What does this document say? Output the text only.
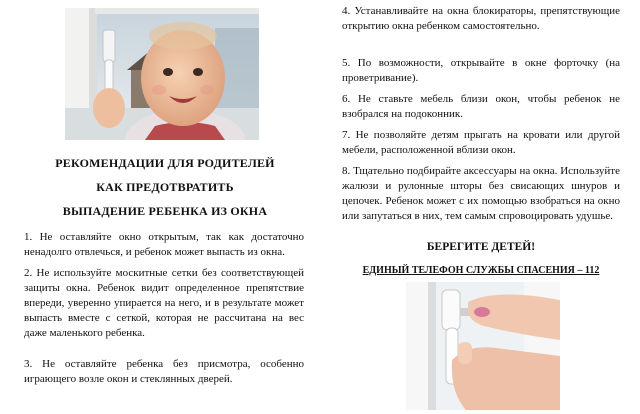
РЕКОМЕНДАЦИИ ДЛЯ РОДИТЕЛЕЙ

КАК ПРЕДОТВРАТИТЬ

ВЫПАДЕНИЕ РЕБЕНКА ИЗ ОКНА

1. Не оставляйте окно открытым, так как достаточно ненадолго отвлечься, и ребенок может выпасть из окна.

2. Не используйте москитные сетки без соответствующей защиты окна. Ребенок видит определенное препятствие впереди, уверенно упирается на него, и в результате может выпасть вместе с сеткой, которая не рассчитана на вес даже маленького ребенка.

3. Не оставляйте ребенка без присмотра, особенно играющего возле окон и стеклянных дверей.

4. Устанавливайте на окна блокираторы, препятствующие открытию окна ребенком самостоятельно.

5. По возможности, открывайте в окне форточку (на проветривание).

6. Не ставьте мебель близи окон, чтобы ребенок не взобрался на подоконник.

7. Не позволяйте детям прыгать на кровати или другой мебели, расположенной вблизи окон.

8. Тщательно подбирайте аксессуары на окна. Используйте жалюзи и рулонные шторы без свисающих шнуров и цепочек. Ребенок может с их помощью взобраться на окно или запутаться в них, тем самым спровоцировать удушье.

БЕРЕГИТЕ ДЕТЕЙ!

ЕДИНЫЙ ТЕЛЕФОН СЛУЖБЫ СПАСЕНИЯ – 112
